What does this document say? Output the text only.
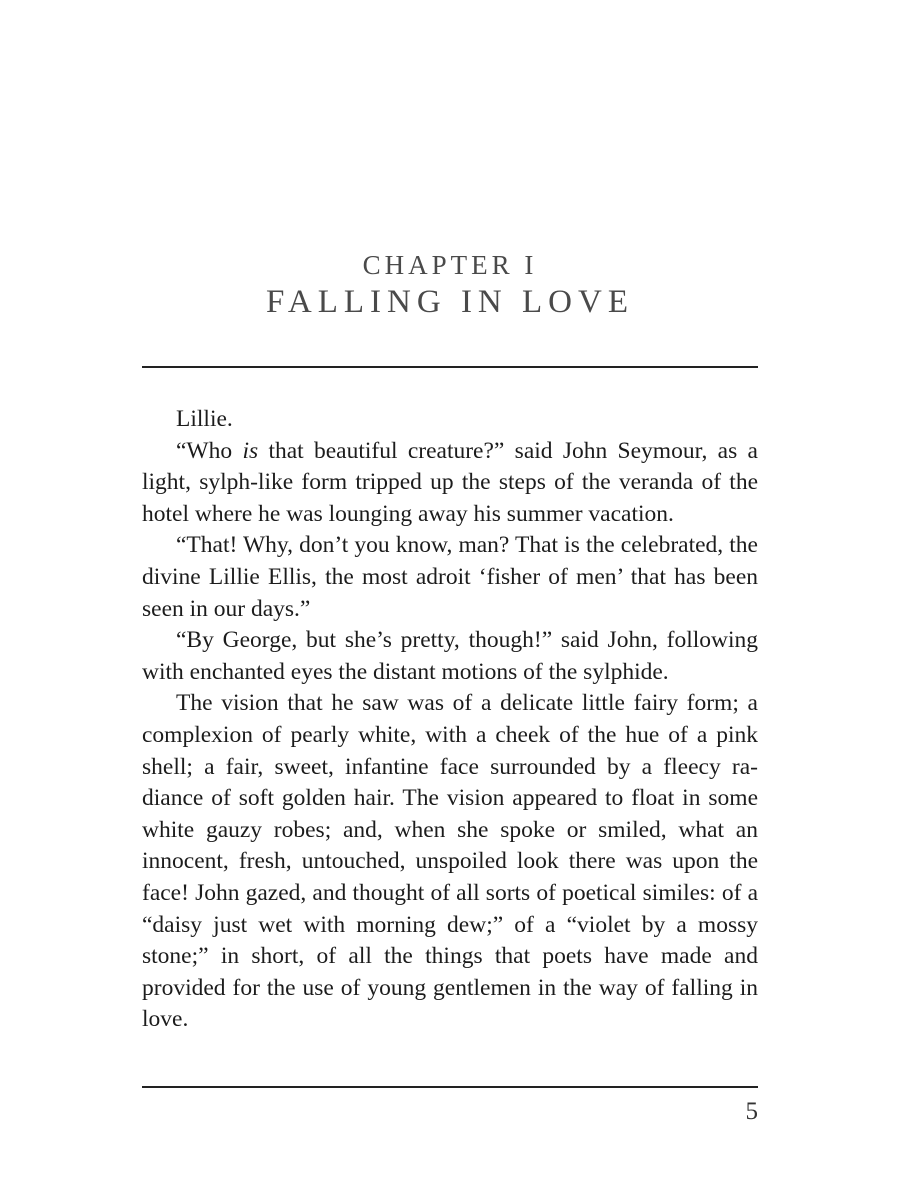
CHAPTER I
FALLING IN LOVE

Lillie.

“Who is that beautiful creature?” said John Seymour, as a light, sylph-like form tripped up the steps of the veranda of the hotel where he was lounging away his summer vacation.

“That! Why, don’t you know, man? That is the celebrated, the divine Lillie Ellis, the most adroit ‘fisher of men’ that has been seen in our days.”

“By George, but she’s pretty, though!” said John, following with enchanted eyes the distant motions of the sylphide.

The vision that he saw was of a delicate little fairy form; a complexion of pearly white, with a cheek of the hue of a pink shell; a fair, sweet, infantine face surrounded by a fleecy radiance of soft golden hair. The vision appeared to float in some white gauzy robes; and, when she spoke or smiled, what an innocent, fresh, untouched, unspoiled look there was upon the face! John gazed, and thought of all sorts of poetical similes: of a “daisy just wet with morning dew;” of a “violet by a mossy stone;” in short, of all the things that poets have made and provided for the use of young gentlemen in the way of falling in love.

5
